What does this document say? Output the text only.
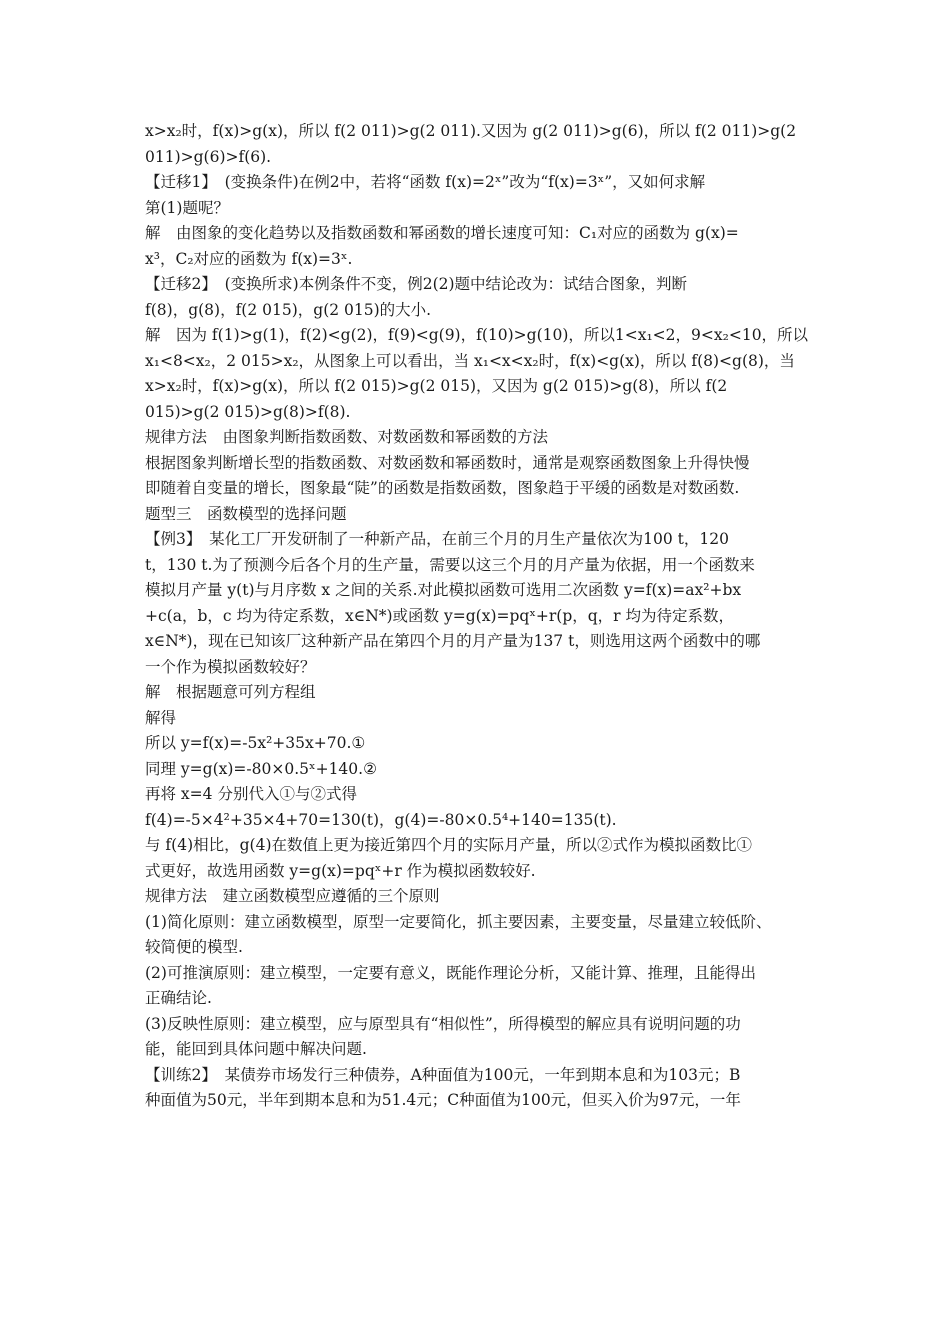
x>x₂时，f(x)>g(x)，所以 f(2 011)>g(2 011).又因为 g(2 011)>g(6)，所以 f(2 011)>g(2

011)>g(6)>f(6).

【迁移1】　(变换条件)在例2中，若将“函数 f(x)=2ˣ”改为“f(x)=3ˣ”，又如何求解

第(1)题呢？

解　由图象的变化趋势以及指数函数和幂函数的增长速度可知：C₁对应的函数为 g(x)=

x³，C₂对应的函数为 f(x)=3ˣ.

【迁移2】　(变换所求)本例条件不变，例2(2)题中结论改为：试结合图象，判断

f(8)，g(8)，f(2 015)，g(2 015)的大小.

解　因为 f(1)>g(1)，f(2)<g(2)，f(9)<g(9)，f(10)>g(10)，所以1<x₁<2，9<x₂<10，所以

x₁<8<x₂，2 015>x₂，从图象上可以看出，当 x₁<x<x₂时，f(x)<g(x)，所以 f(8)<g(8)，当

x>x₂时，f(x)>g(x)，所以 f(2 015)>g(2 015)，又因为 g(2 015)>g(8)，所以 f(2

015)>g(2 015)>g(8)>f(8).

规律方法　由图象判断指数函数、对数函数和幂函数的方法

根据图象判断增长型的指数函数、对数函数和幂函数时，通常是观察函数图象上升得快慢

即随着自变量的增长，图象最“陡”的函数是指数函数，图象趋于平缓的函数是对数函数.

题型三　函数模型的选择问题

【例3】　某化工厂开发研制了一种新产品，在前三个月的月生产量依次为100 t，120

t，130 t.为了预测今后各个月的生产量，需要以这三个月的月产量为依据，用一个函数来

模拟月产量 y(t)与月序数 x 之间的关系.对此模拟函数可选用二次函数 y=f(x)=ax²+bx

+c(a，b，c 均为待定系数，x∈N*)或函数 y=g(x)=pqˣ+r(p，q，r 均为待定系数，

x∈N*)，现在已知该厂这种新产品在第四个月的月产量为137 t，则选用这两个函数中的哪

一个作为模拟函数较好？

解　根据题意可列方程组

解得

所以 y=f(x)=-5x²+35x+70.①

同理 y=g(x)=-80×0.5ˣ+140.②

再将 x=4 分别代入①与②式得

f(4)=-5×4²+35×4+70=130(t)，g(4)=-80×0.5⁴+140=135(t).

与 f(4)相比，g(4)在数值上更为接近第四个月的实际月产量，所以②式作为模拟函数比①

式更好，故选用函数 y=g(x)=pqˣ+r 作为模拟函数较好.

规律方法　建立函数模型应遵循的三个原则

(1)简化原则：建立函数模型，原型一定要简化，抓主要因素，主要变量，尽量建立较低阶、

较简便的模型.

(2)可推演原则：建立模型，一定要有意义，既能作理论分析，又能计算、推理，且能得出

正确结论.

(3)反映性原则：建立模型，应与原型具有“相似性”，所得模型的解应具有说明问题的功

能，能回到具体问题中解决问题.

【训练2】　某债券市场发行三种债券，A种面值为100元，一年到期本息和为103元；B

种面值为50元，半年到期本息和为51.4元；C种面值为100元，但买入价为97元，一年
